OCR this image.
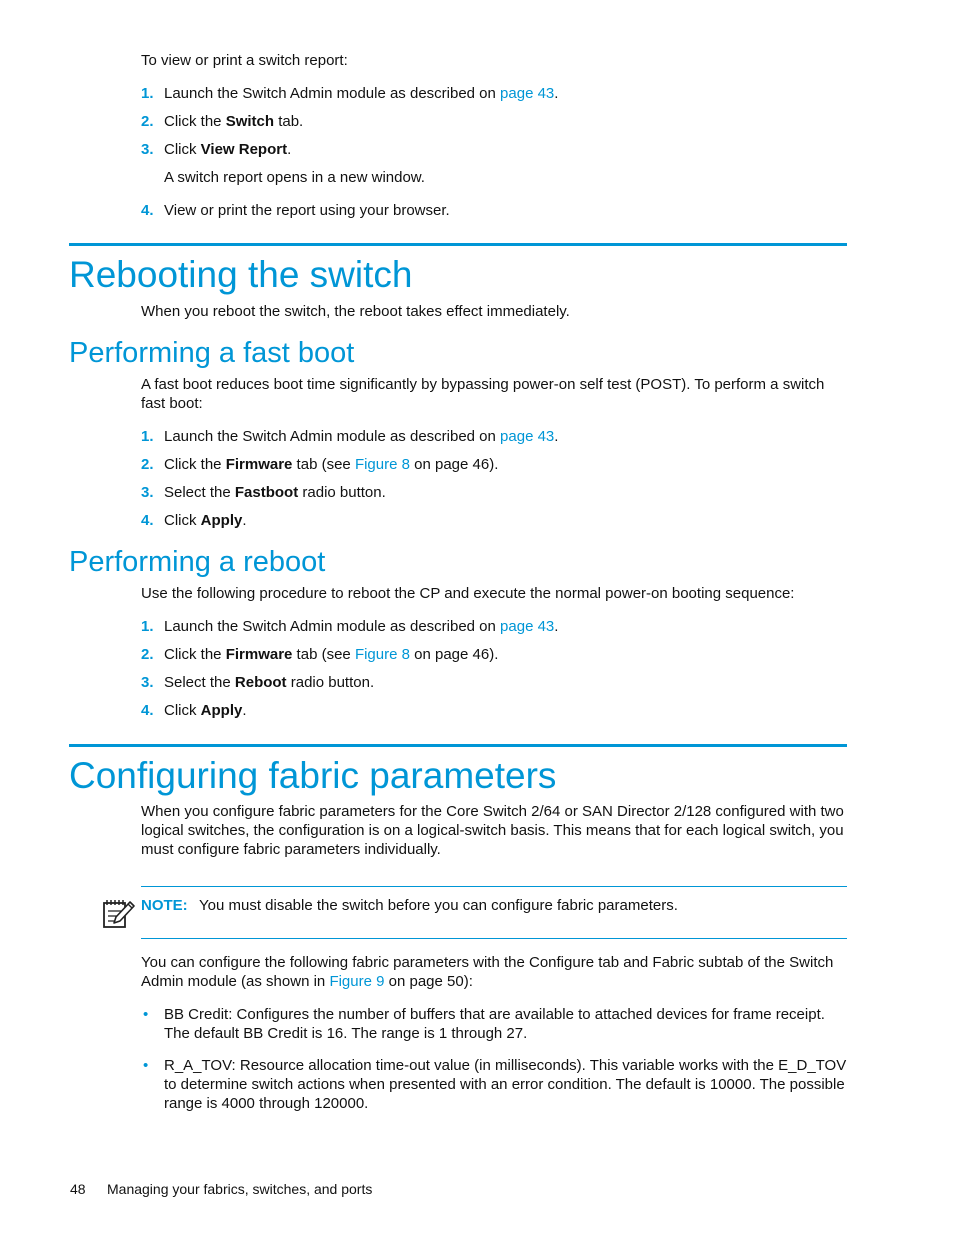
To view or print a switch report:
1. Launch the Switch Admin module as described on page 43.
2. Click the Switch tab.
3. Click View Report.
A switch report opens in a new window.
4. View or print the report using your browser.
Rebooting the switch
When you reboot the switch, the reboot takes effect immediately.
Performing a fast boot
A fast boot reduces boot time significantly by bypassing power-on self test (POST). To perform a switch fast boot:
1. Launch the Switch Admin module as described on page 43.
2. Click the Firmware tab (see Figure 8 on page 46).
3. Select the Fastboot radio button.
4. Click Apply.
Performing a reboot
Use the following procedure to reboot the CP and execute the normal power-on booting sequence:
1. Launch the Switch Admin module as described on page 43.
2. Click the Firmware tab (see Figure 8 on page 46).
3. Select the Reboot radio button.
4. Click Apply.
Configuring fabric parameters
When you configure fabric parameters for the Core Switch 2/64 or SAN Director 2/128 configured with two logical switches, the configuration is on a logical-switch basis. This means that for each logical switch, you must configure fabric parameters individually.
NOTE: You must disable the switch before you can configure fabric parameters.
You can configure the following fabric parameters with the Configure tab and Fabric subtab of the Switch Admin module (as shown in Figure 9 on page 50):
• BB Credit: Configures the number of buffers that are available to attached devices for frame receipt. The default BB Credit is 16. The range is 1 through 27.
• R_A_TOV: Resource allocation time-out value (in milliseconds). This variable works with the E_D_TOV to determine switch actions when presented with an error condition. The default is 10000. The possible range is 4000 through 120000.
48 Managing your fabrics, switches, and ports
